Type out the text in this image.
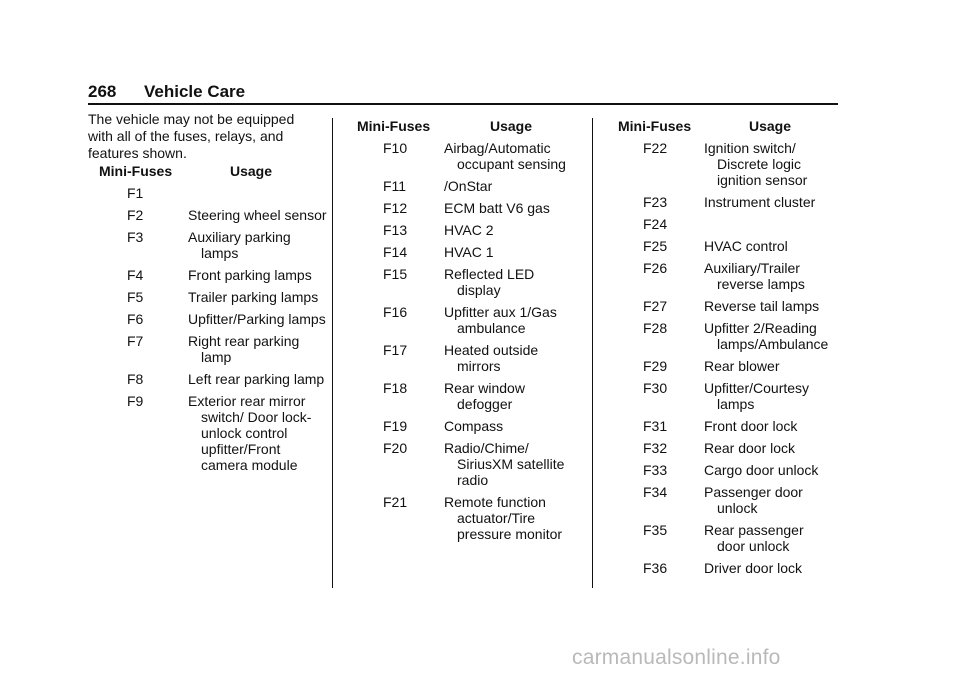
268 Vehicle Care
The vehicle may not be equipped with all of the fuses, relays, and features shown.
Mini-Fuses	Usage
F1
F2	Steering wheel sensor
F3	Auxiliary parking lamps
F4	Front parking lamps
F5	Trailer parking lamps
F6	Upfitter/Parking lamps
F7	Right rear parking lamp
F8	Left rear parking lamp
F9	Exterior rear mirror switch/ Door lock-unlock control upfitter/Front camera module
Mini-Fuses	Usage
F10	Airbag/Automatic occupant sensing
F11	/OnStar
F12	ECM batt V6 gas
F13	HVAC 2
F14	HVAC 1
F15	Reflected LED display
F16	Upfitter aux 1/Gas ambulance
F17	Heated outside mirrors
F18	Rear window defogger
F19	Compass
F20	Radio/Chime/ SiriusXM satellite radio
F21	Remote function actuator/Tire pressure monitor
Mini-Fuses	Usage
F22	Ignition switch/ Discrete logic ignition sensor
F23	Instrument cluster
F24
F25	HVAC control
F26	Auxiliary/Trailer reverse lamps
F27	Reverse tail lamps
F28	Upfitter 2/Reading lamps/Ambulance
F29	Rear blower
F30	Upfitter/Courtesy lamps
F31	Front door lock
F32	Rear door lock
F33	Cargo door unlock
F34	Passenger door unlock
F35	Rear passenger door unlock
F36	Driver door lock
carmanualsonline.info
